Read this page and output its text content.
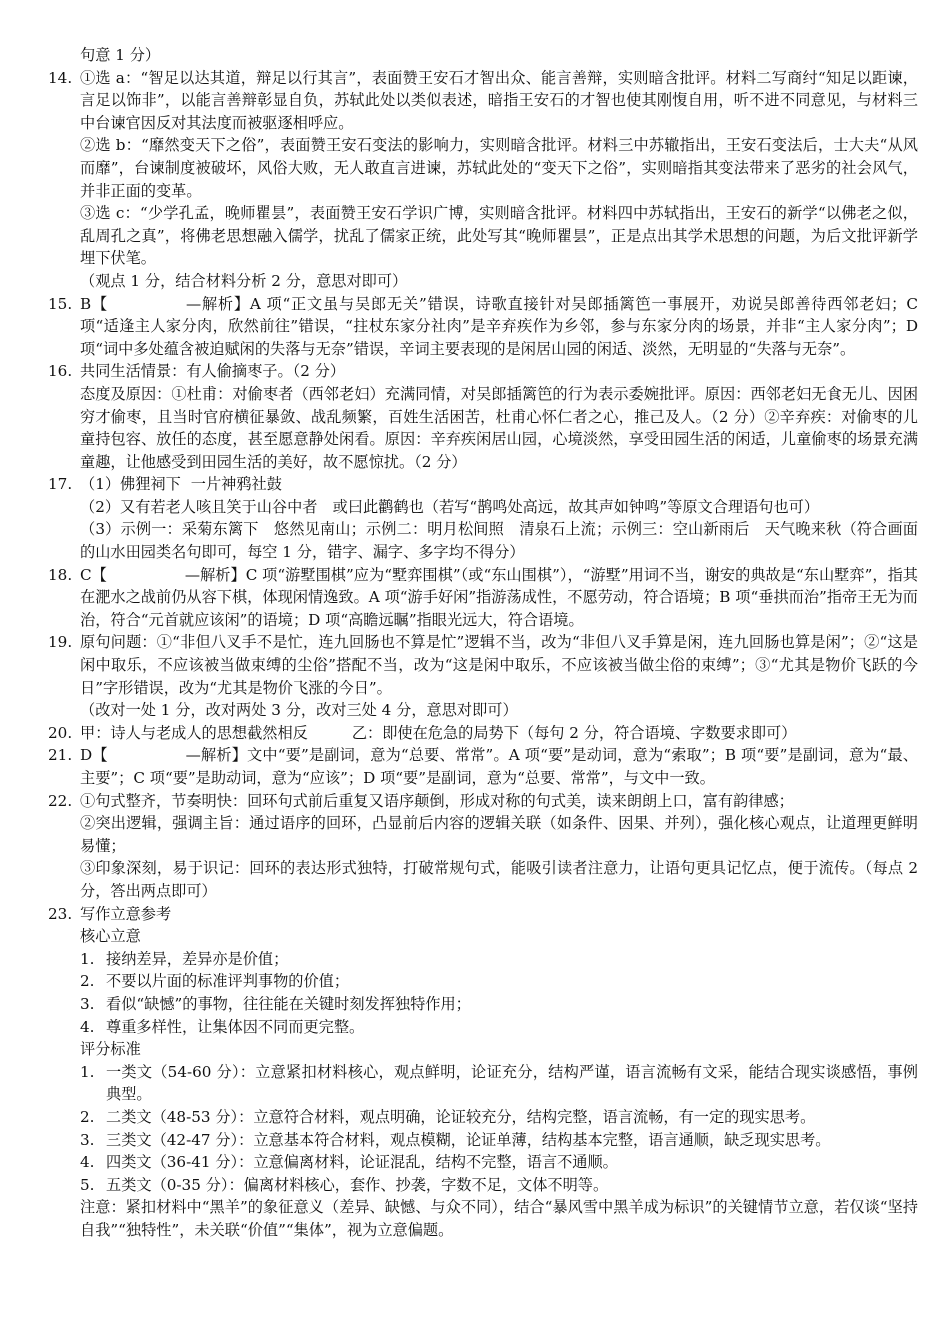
句意 1 分）

14. ①选 a：“智足以达其道，辩足以行其言”，表面赞王安石才智出众、能言善辩，实则暗含批评。材料二写商纣“知足以距谏，言足以饰非”，以能言善辩彰显自负，苏轼此处以类似表述，暗指王安石的才智也使其刚愎自用，听不进不同意见，与材料三中台谏官因反对其法度而被驱逐相呼应。

②选 b：“靡然变天下之俗”，表面赞王安石变法的影响力，实则暗含批评。材料三中苏辙指出，王安石变法后，士大夫“从风而靡”，台谏制度被破坏，风俗大败，无人敢直言进谏，苏轼此处的“变天下之俗”，实则暗指其变法带来了恶劣的社会风气，并非正面的变革。

③选 c：“少学孔孟，晚师瞿昙”，表面赞王安石学识广博，实则暗含批评。材料四中苏轼指出，王安石的新学“以佛老之似，乱周孔之真”，将佛老思想融入儒学，扰乱了儒家正统，此处写其“晚师瞿昙”，正是点出其学术思想的问题，为后文批评新学埋下伏笔。

（观点 1 分，结合材料分析 2 分，意思对即可）

15. B【	—解析】A 项“正文虽与吴郎无关”错误，诗歌直接针对吴郎插篱笆一事展开，劝说吴郎善待西邻老妇；C 项“适逢主人家分肉，欣然前往”错误，“拄杖东家分社肉”是辛弃疾作为乡邻，参与东家分肉的场景，并非“主人家分肉”；D 项“词中多处蕴含被迫赋闲的失落与无奈”错误，辛词主要表现的是闲居山园的闲适、淡然，无明显的“失落与无奈”。

16. 共同生活情景：有人偷摘枣子。（2 分）

态度及原因：①杜甫：对偷枣者（西邻老妇）充满同情，对吴郎插篱笆的行为表示委婉批评。原因：西邻老妇无食无儿、因困穷才偷枣，且当时官府横征暴敛、战乱频繁，百姓生活困苦，杜甫心怀仁者之心，推己及人。（2 分）②辛弃疾：对偷枣的儿童持包容、放任的态度，甚至愿意静处闲看。原因：辛弃疾闲居山园，心境淡然，享受田园生活的闲适，儿童偷枣的场景充满童趣，让他感受到田园生活的美好，故不愿惊扰。（2 分）

17. （1）佛狸祠下 一片神鸦社鼓

（2）又有若老人咳且笑于山谷中者　或曰此鹳鹤也（若写“鹊鸣处高远，故其声如钟鸣”等原文合理语句也可）

（3）示例一：采菊东篱下　悠然见南山；示例二：明月松间照　清泉石上流；示例三：空山新雨后　天气晚来秋（符合画面的山水田园类名句即可，每空 1 分，错字、漏字、多字均不得分）

18. C【	—解析】C 项“游墅围棋”应为“墅弈围棋”（或“东山围棋”），“游墅”用词不当，谢安的典故是“东山墅弈”，指其在淝水之战前仍从容下棋，体现闲情逸致。A 项“游手好闲”指游荡成性，不愿劳动，符合语境；B 项“垂拱而治”指帝王无为而治，符合“元首就应该闲”的语境；D 项“高瞻远瞩”指眼光远大，符合语境。

19. 原句问题：①“非但八叉手不是忙，连九回肠也不算是忙”逻辑不当，改为“非但八叉手算是闲，连九回肠也算是闲”；②“这是闲中取乐，不应该被当做束缚的尘俗”搭配不当，改为“这是闲中取乐，不应该被当做尘俗的束缚”；③“尤其是物价飞跃的今日”字形错误，改为“尤其是物价飞涨的今日”。

（改对一处 1 分，改对两处 3 分，改对三处 4 分，意思对即可）

20. 甲：诗人与老成人的思想截然相反	乙：即使在危急的局势下（每句 2 分，符合语境、字数要求即可）

21. D【	—解析】文中“要”是副词，意为“总要、常常”。A 项“要”是动词，意为“索取”；B 项“要”是副词，意为“最、主要”；C 项“要”是助动词，意为“应该”；D 项“要”是副词，意为“总要、常常”，与文中一致。

22. ①句式整齐，节奏明快：回环句式前后重复又语序颠倒，形成对称的句式美，读来朗朗上口，富有韵律感；

②突出逻辑，强调主旨：通过语序的回环，凸显前后内容的逻辑关联（如条件、因果、并列），强化核心观点，让道理更鲜明易懂；

③印象深刻，易于识记：回环的表达形式独特，打破常规句式，能吸引读者注意力，让语句更具记忆点，便于流传。（每点 2 分，答出两点即可）

23. 写作立意参考

核心立意

1. 接纳差异，差异亦是价值；

2. 不要以片面的标准评判事物的价值；

3. 看似“缺憾”的事物，往往能在关键时刻发挥独特作用；

4. 尊重多样性，让集体因不同而更完整。

评分标准

1. 一类文（54-60 分）：立意紧扣材料核心，观点鲜明，论证充分，结构严谨，语言流畅有文采，能结合现实谈感悟，事例典型。

2. 二类文（48-53 分）：立意符合材料，观点明确，论证较充分，结构完整，语言流畅，有一定的现实思考。

3. 三类文（42-47 分）：立意基本符合材料，观点模糊，论证单薄，结构基本完整，语言通顺，缺乏现实思考。

4. 四类文（36-41 分）：立意偏离材料，论证混乱，结构不完整，语言不通顺。

5. 五类文（0-35 分）：偏离材料核心，套作、抄袭，字数不足，文体不明等。

注意：紧扣材料中“黑羊”的象征意义（差异、缺憾、与众不同），结合“暴风雪中黑羊成为标识”的关键情节立意，若仅谈“坚持自我”“独特性”，未关联“价值”“集体”，视为立意偏题。
